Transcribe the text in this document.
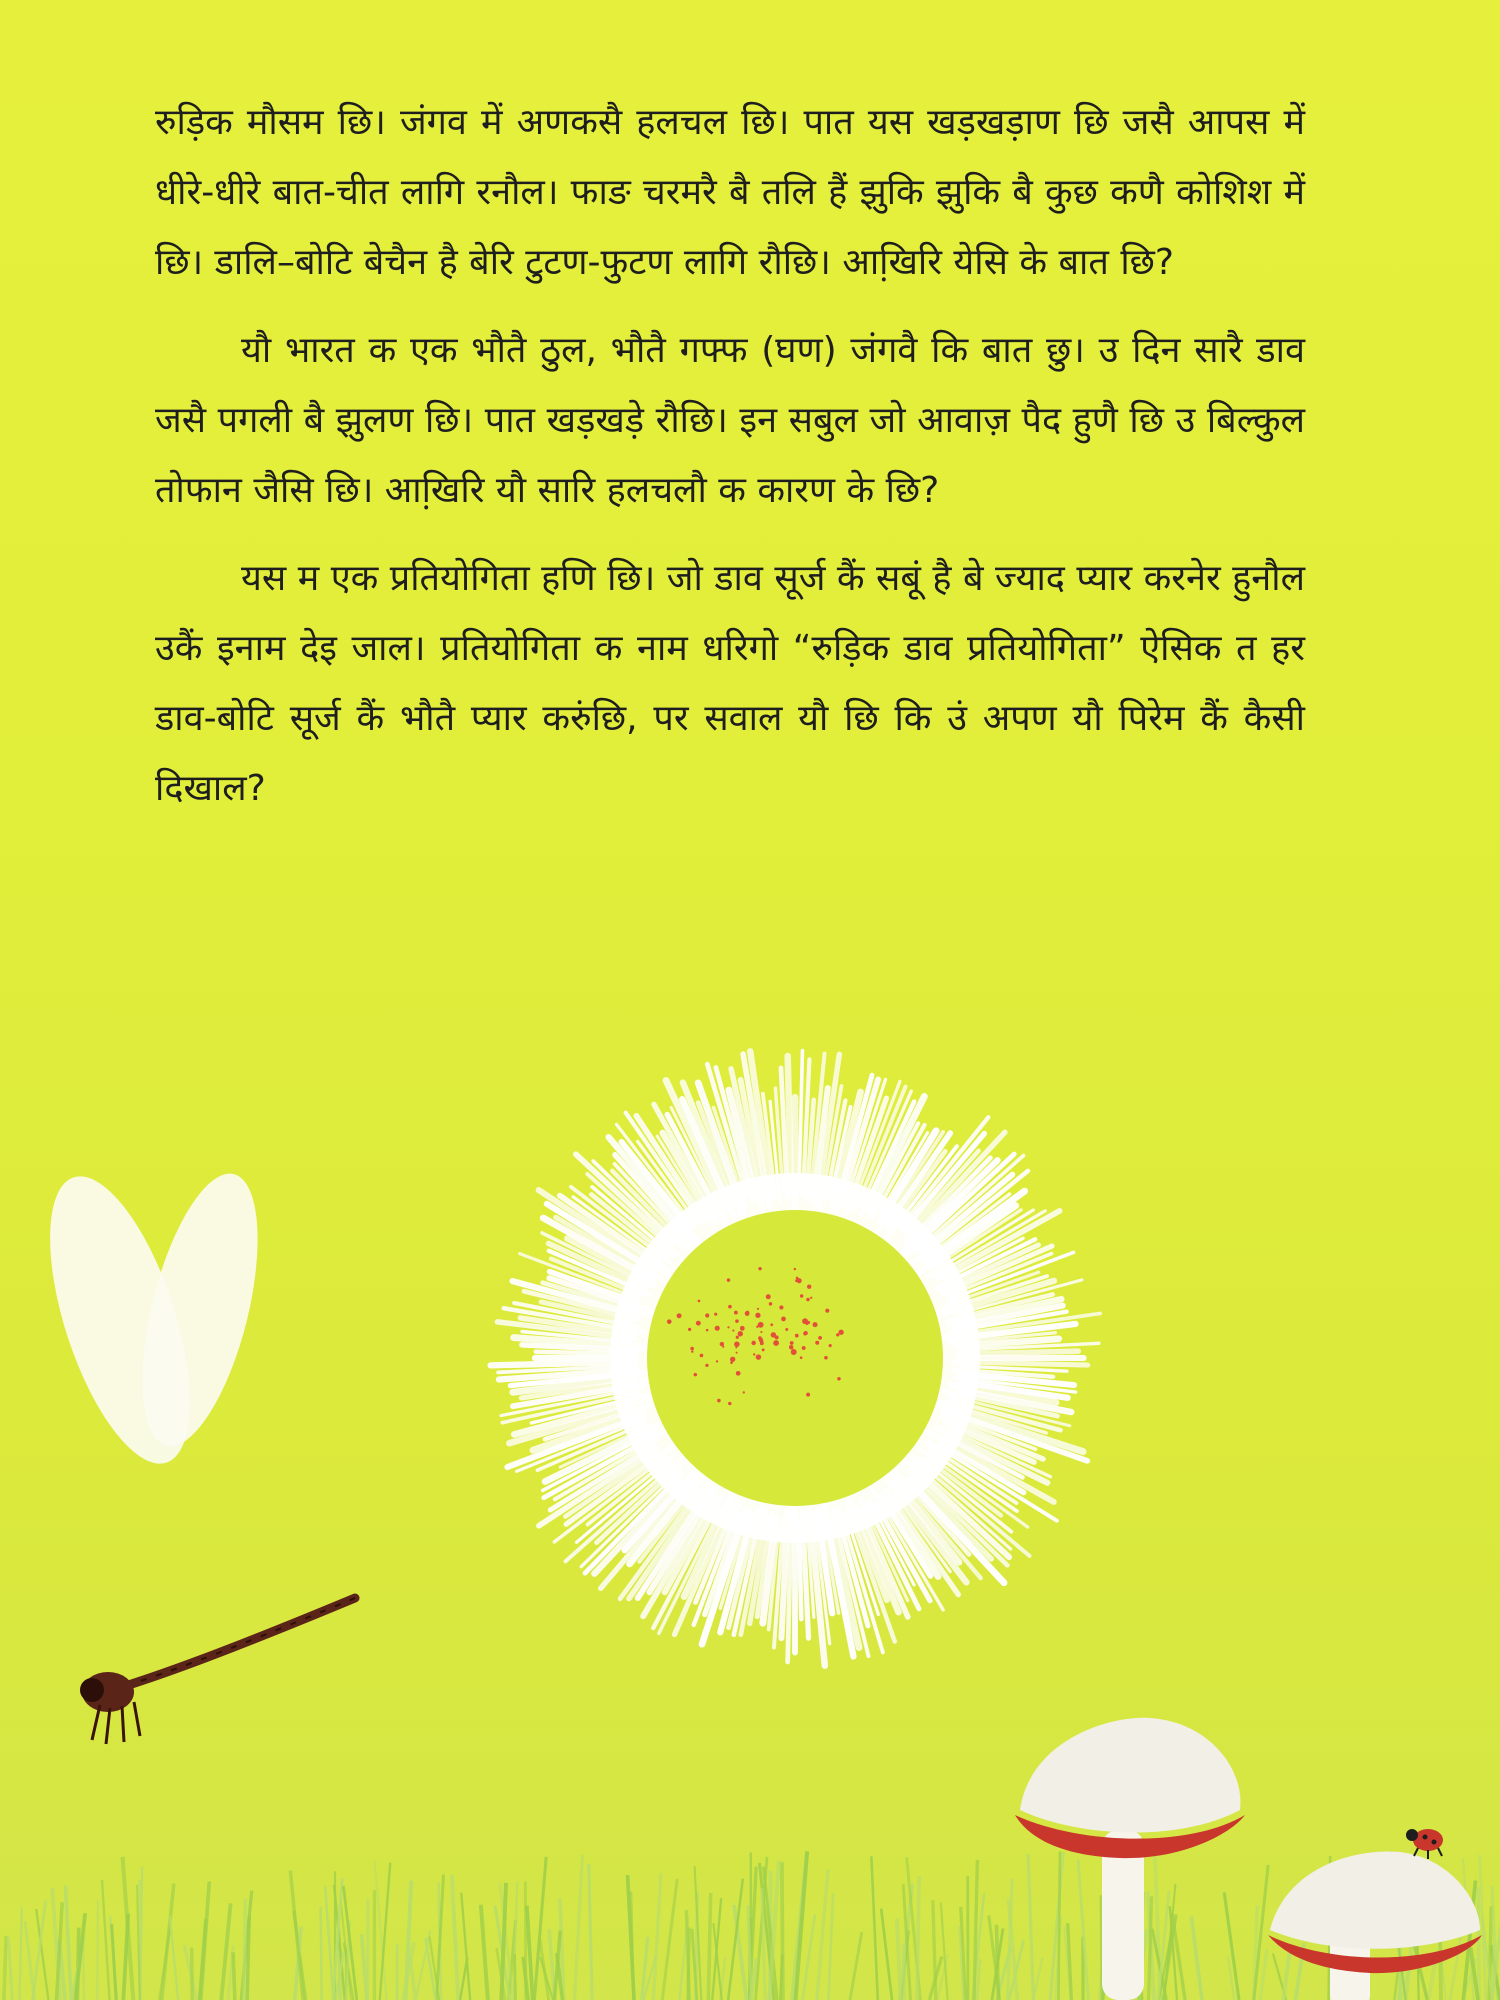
रुड़िक मौसम छि। जंगव में अणकसै हलचल छि। पात यस खड़खड़ाण छि जसै आपस में धीरे-धीरे बात-चीत लागि रनौल। फाङ चरमरै बै तलि हैं झुकि झुकि बै कुछ कणै कोशिश में छि। डालि–बोटि बेचैन है बेरि टुटण-फुटण लागि रौछि। आखि़रि येसि के बात छि?

यौ भारत क एक भौतै ठुल, भौतै गफ्फ (घण) जंगवै कि बात छु। उ दिन सारै डाव जसै पगली बै झुलण छि। पात खड़खड़े रौछि। इन सबुल जो आवाज़ पैद हुणै छि उ बिल्कुल तोफान जैसि छि। आखि़रि यौ सारि हलचलौ क कारण के छि?

यस म एक प्रतियोगिता हणि छि। जो डाव सूर्ज कैं सबूं है बे ज्याद प्यार करनेर हुनौल उकैं इनाम देइ जाल। प्रतियोगिता क नाम धरिगो “रुड़िक डाव प्रतियोगिता” ऐसिक त हर डाव-बोटि सूर्ज कैं भौतै प्यार करुंछि, पर सवाल यौ छि कि उं अपण यौ पिरेम कैं कैसी दिखाल?
